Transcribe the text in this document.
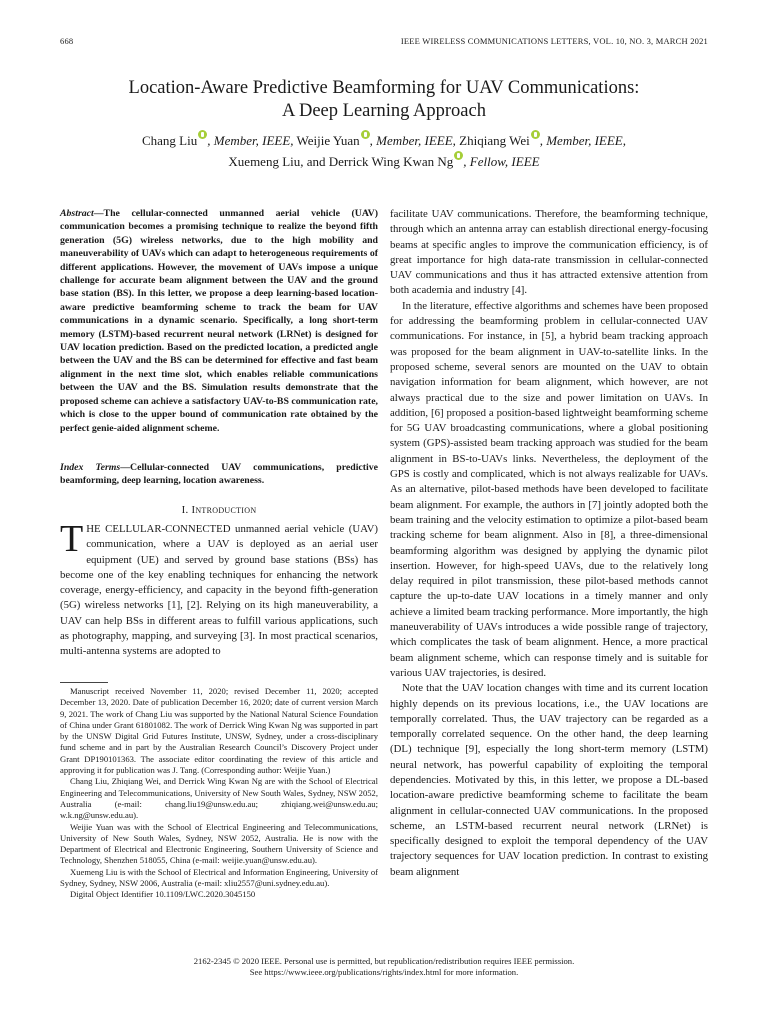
668	IEEE WIRELESS COMMUNICATIONS LETTERS, VOL. 10, NO. 3, MARCH 2021
Location-Aware Predictive Beamforming for UAV Communications:
A Deep Learning Approach
Chang Liu , Member, IEEE, Weijie Yuan , Member, IEEE, Zhiqiang Wei , Member, IEEE,
Xuemeng Liu, and Derrick Wing Kwan Ng , Fellow, IEEE
Abstract—The cellular-connected unmanned aerial vehicle (UAV) communication becomes a promising technique to realize the beyond fifth generation (5G) wireless networks, due to the high mobility and maneuverability of UAVs which can adapt to heterogeneous requirements of different applications. However, the movement of UAVs impose a unique challenge for accurate beam alignment between the UAV and the ground base station (BS). In this letter, we propose a deep learning-based location-aware predictive beamforming scheme to track the beam for UAV communications in a dynamic scenario. Specifically, a long short-term memory (LSTM)-based recurrent neural network (LRNet) is designed for UAV location prediction. Based on the predicted location, a predicted angle between the UAV and the BS can be determined for effective and fast beam alignment in the next time slot, which enables reliable communications between the UAV and the BS. Simulation results demonstrate that the proposed scheme can achieve a satisfactory UAV-to-BS communication rate, which is close to the upper bound of communication rate obtained by the perfect genie-aided alignment scheme.
Index Terms—Cellular-connected UAV communications, predictive beamforming, deep learning, location awareness.
I. Introduction
THE CELLULAR-CONNECTED unmanned aerial vehicle (UAV) communication, where a UAV is deployed as an aerial user equipment (UE) and served by ground base stations (BSs) has become one of the key enabling techniques for enhancing the network coverage, energy-efficiency, and capacity in the beyond fifth-generation (5G) wireless networks [1], [2]. Relying on its high maneuverability, a UAV can help BSs in different areas to fulfill various applications, such as photography, mapping, and surveying [3]. In most practical scenarios, multi-antenna systems are adopted to

Manuscript received November 11, 2020; revised December 11, 2020; accepted December 13, 2020. Date of publication December 16, 2020; date of current version March 9, 2021. The work of Chang Liu was supported by the National Natural Science Foundation of China under Grant 61801082. The work of Derrick Wing Kwan Ng was supported in part by the UNSW Digital Grid Futures Institute, UNSW, Sydney, under a cross-disciplinary fund scheme and in part by the Australian Research Council’s Discovery Project under Grant DP190101363. The associate editor coordinating the review of this article and approving it for publication was J. Tang. (Corresponding author: Weijie Yuan.)

Chang Liu, Zhiqiang Wei, and Derrick Wing Kwan Ng are with the School of Electrical Engineering and Telecommunications, University of New South Wales, Sydney, NSW 2052, Australia (e-mail: chang.liu19@unsw.edu.au; zhiqiang.wei@unsw.edu.au; w.k.ng@unsw.edu.au).

Weijie Yuan was with the School of Electrical Engineering and Telecommunications, University of New South Wales, Sydney, NSW 2052, Australia. He is now with the Department of Electrical and Electronic Engineering, Southern University of Science and Technology, Shenzhen 518055, China (e-mail: weijie.yuan@unsw.edu.au).

Xuemeng Liu is with the School of Electrical and Information Engineering, University of Sydney, Sydney, NSW 2006, Australia (e-mail: xliu2557@uni.sydney.edu.au).

Digital Object Identifier 10.1109/LWC.2020.3045150

facilitate UAV communications. Therefore, the beamforming technique, through which an antenna array can establish directional energy-focusing beams at specific angles to improve the communication efficiency, is of great importance for high data-rate transmission in cellular-connected UAV communications and thus it has attracted extensive attention from both academia and industry [4].

In the literature, effective algorithms and schemes have been proposed for addressing the beamforming problem in cellular-connected UAV communications. For instance, in [5], a hybrid beam tracking approach was proposed for the beam alignment in UAV-to-satellite links. In the proposed scheme, several senors are mounted on the UAV to obtain navigation information for beam alignment, which however, are not always practical due to the size and power limitation on UAVs. In addition, [6] proposed a position-based lightweight beamforming scheme for 5G UAV broadcasting communications, where a global positioning system (GPS)-assisted beam tracking approach was studied for the beam alignment in BS-to-UAVs links. Nevertheless, the deployment of the GPS is costly and complicated, which is not always realizable for UAVs. As an alternative, pilot-based methods have been developed to facilitate beam alignment. For example, the authors in [7] jointly adopted both the beam training and the velocity estimation to optimize a pilot-based beam tracking scheme for beam alignment. Also in [8], a three-dimensional beamforming algorithm was designed by applying the dynamic pilot insertion. However, for high-speed UAVs, due to the relatively long delay required in pilot transmission, these pilot-based methods cannot capture the up-to-date UAV locations in a timely manner and only achieve a limited beam tracking performance. More importantly, the high maneuverability of UAVs introduces a wide possible range of trajectory, which complicates the task of beam alignment. Hence, a more practical beam alignment scheme, which can response timely and is suitable for various UAV trajectories, is desired.

Note that the UAV location changes with time and its current location highly depends on its previous locations, i.e., the UAV locations are temporally correlated. Thus, the UAV trajectory can be regarded as a temporally correlated sequence. On the other hand, the deep learning (DL) technique [9], especially the long short-term memory (LSTM) neural network, has powerful capability of exploiting the temporal dependencies. Motivated by this, in this letter, we propose a DL-based location-aware predictive beamforming scheme to facilitate the beam alignment in cellular-connected UAV communications. In the proposed scheme, an LSTM-based recurrent neural network (LRNet) is specifically designed to exploit the temporal dependency of the UAV trajectory sequences for UAV location prediction. In contrast to existing beam alignment

2162-2345 © 2020 IEEE. Personal use is permitted, but republication/redistribution requires IEEE permission.
See https://www.ieee.org/publications/rights/index.html for more information.
